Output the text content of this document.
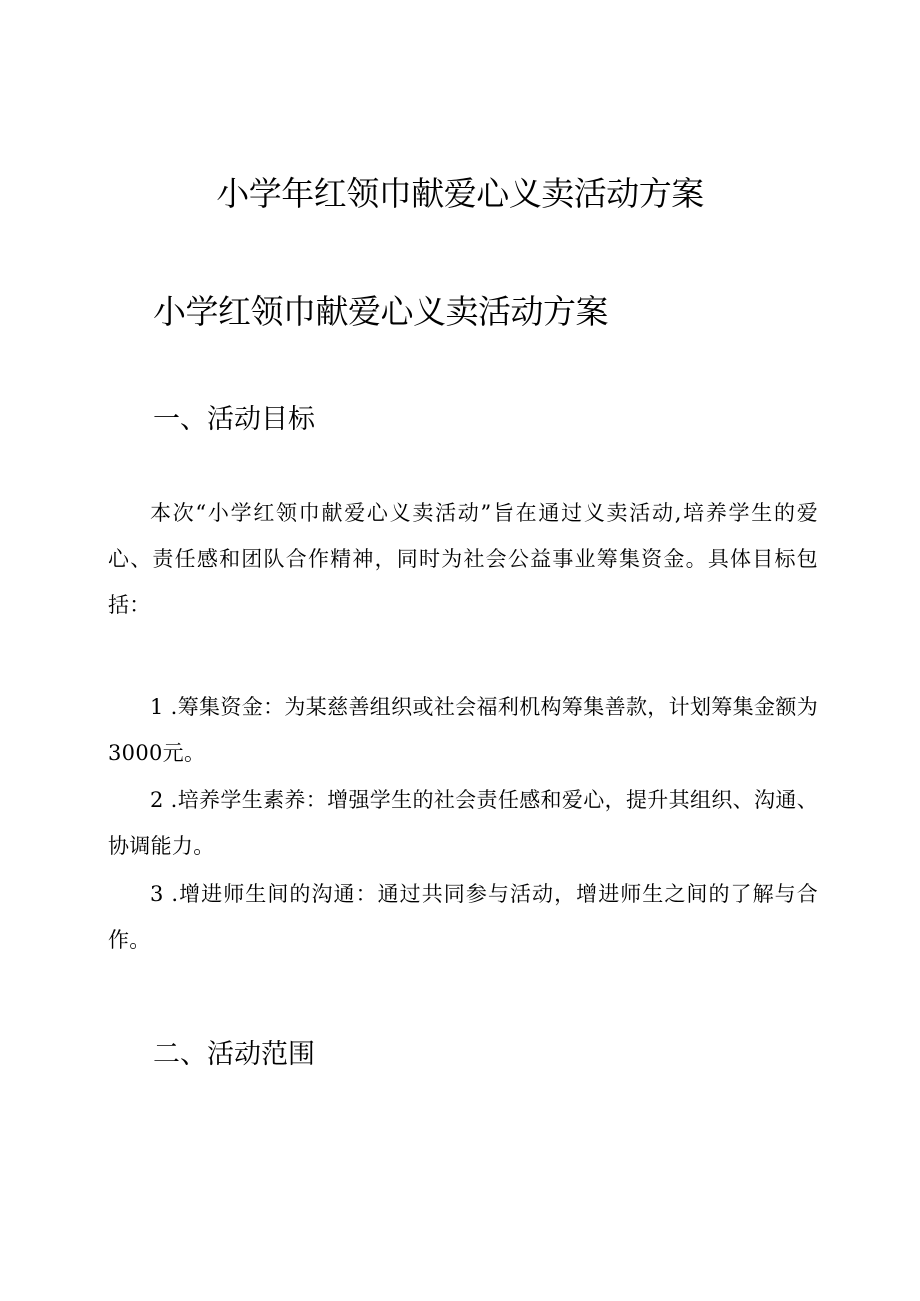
小学年红领巾献爱心义卖活动方案
小学红领巾献爱心义卖活动方案
一、活动目标

本次“小学红领巾献爱心义卖活动”旨在通过义卖活动,培养学生的爱心、责任感和团队合作精神，同时为社会公益事业筹集资金。具体目标包括：

1 .筹集资金：为某慈善组织或社会福利机构筹集善款，计划筹集金额为3000元。

2 .培养学生素养：增强学生的社会责任感和爱心，提升其组织、沟通、协调能力。

3 .增进师生间的沟通：通过共同参与活动，增进师生之间的了解与合作。

二、活动范围
